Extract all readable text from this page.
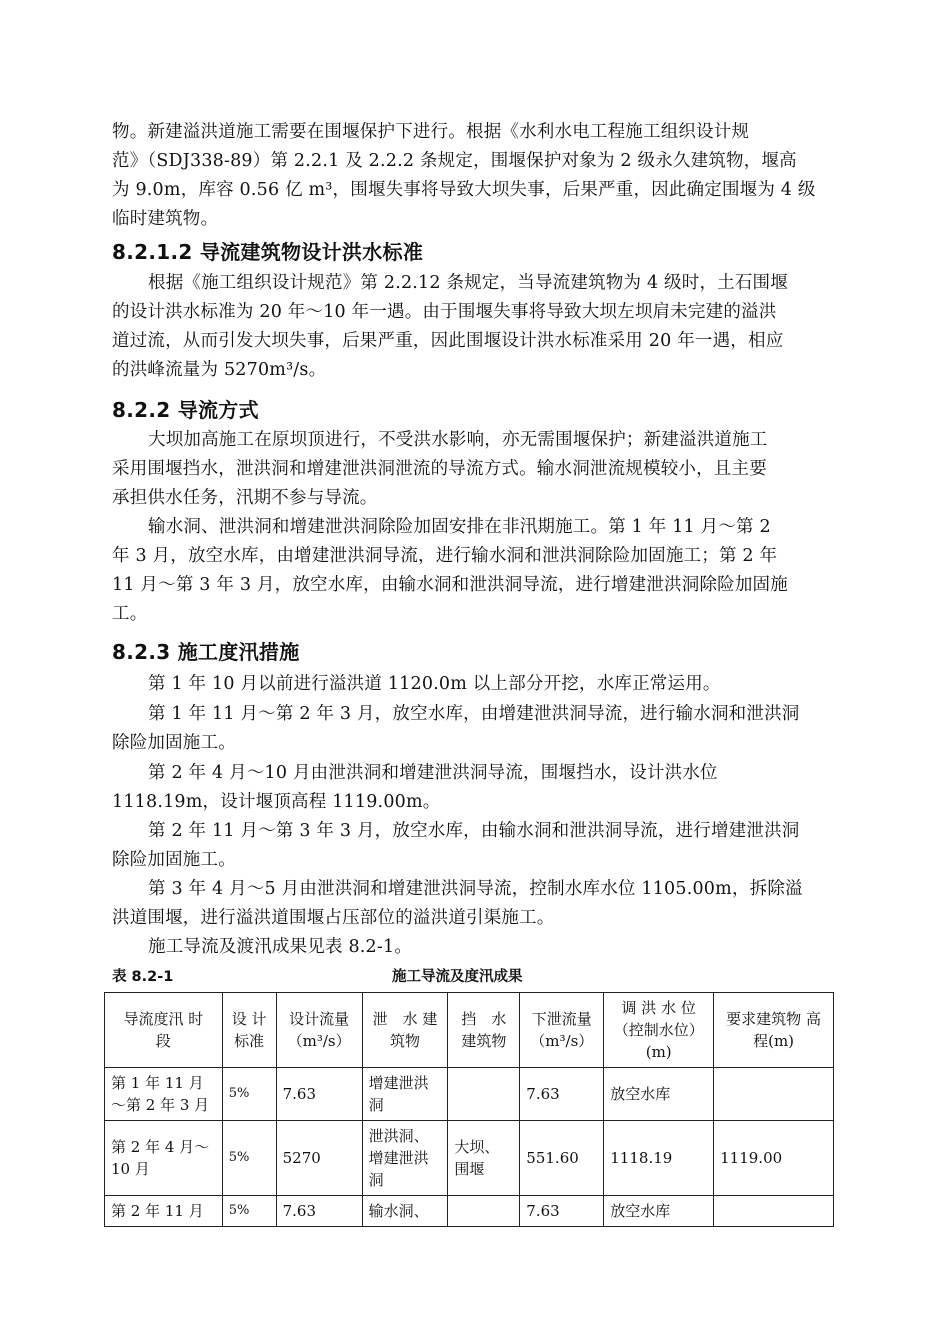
物。新建溢洪道施工需要在围堰保护下进行。根据《水利水电工程施工组织设计规

范》（SDJ338-89）第 2.2.1 及 2.2.2 条规定，围堰保护对象为 2 级永久建筑物，堰高

为 9.0m，库容 0.56 亿 m³，围堰失事将导致大坝失事，后果严重，因此确定围堰为 4 级

临时建筑物。

8.2.1.2 导流建筑物设计洪水标准

根据《施工组织设计规范》第 2.2.12 条规定，当导流建筑物为 4 级时，土石围堰

的设计洪水标准为 20 年～10 年一遇。由于围堰失事将导致大坝左坝肩未完建的溢洪

道过流，从而引发大坝失事，后果严重，因此围堰设计洪水标准采用 20 年一遇，相应

的洪峰流量为 5270m³/s。

8.2.2 导流方式

大坝加高施工在原坝顶进行，不受洪水影响，亦无需围堰保护；新建溢洪道施工

采用围堰挡水，泄洪洞和增建泄洪洞泄流的导流方式。输水洞泄流规模较小，且主要

承担供水任务，汛期不参与导流。

输水洞、泄洪洞和增建泄洪洞除险加固安排在非汛期施工。第 1 年 11 月～第 2

年 3 月，放空水库，由增建泄洪洞导流，进行输水洞和泄洪洞除险加固施工；第 2 年

11 月～第 3 年 3 月，放空水库，由输水洞和泄洪洞导流，进行增建泄洪洞除险加固施

工。

8.2.3 施工度汛措施

第 1 年 10 月以前进行溢洪道 1120.0m 以上部分开挖，水库正常运用。

第 1 年 11 月～第 2 年 3 月，放空水库，由增建泄洪洞导流，进行输水洞和泄洪洞

除险加固施工。

第 2 年 4 月～10 月由泄洪洞和增建泄洪洞导流，围堰挡水，设计洪水位

1118.19m，设计堰顶高程 1119.00m。

第 2 年 11 月～第 3 年 3 月，放空水库，由输水洞和泄洪洞导流，进行增建泄洪洞

除险加固施工。

第 3 年 4 月～5 月由泄洪洞和增建泄洪洞导流，控制水库水位 1105.00m，拆除溢

洪道围堰，进行溢洪道围堰占压部位的溢洪道引渠施工。

施工导流及渡汛成果见表 8.2-1。

表 8.2-1	施工导流及度汛成果
导流度汛 时　段	设 计 标准	设计流量 （m³/s）	泄　水 建筑物	挡　水 建筑物	下泄流量 （m³/s）	调 洪 水 位 （控制水位） (m)	要求建筑物 高程(m)
第 1 年 11 月～第 2 年 3 月	5%	7.63	增建泄洪洞		7.63	放空水库	
第 2 年 4 月～10 月	5%	5270	泄洪洞、增建泄洪洞	大坝、围堰	551.60	1118.19	1119.00
第 2 年 11 月	5%	7.63	输水洞、		7.63	放空水库	
